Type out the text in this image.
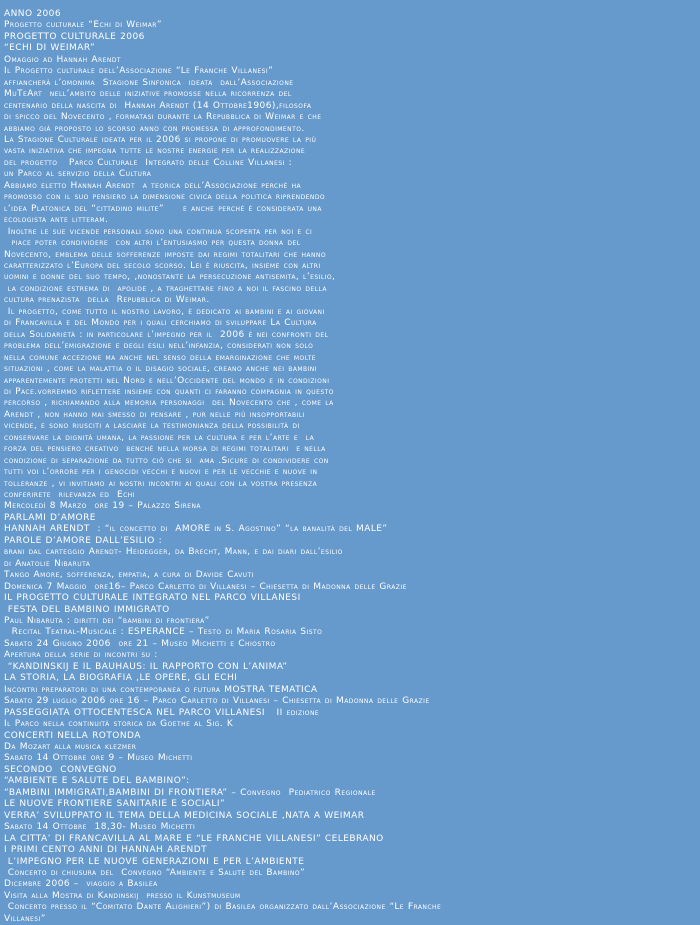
ANNO 2006
Progetto culturale “Echi di Weimar”
PROGETTO CULTURALE 2006
“ECHI DI WEIMAR”
Omaggio ad Hannah Arendt
Il Progetto culturale dell’Associazione “Le Franche Villanesi”
affiancherà l’omonima  Stagione Sinfonica  ideata  dall’Associazione
MuTeArt  nell’ambito delle iniziative promosse nella ricorrenza del
centenario della nascita di  Hannah Arendt (14 Ottobre1906),filosofa
di spicco del Novecento , formatasi durante la Repubblica di Weimar e che
abbiamo già proposto lo scorso anno con promessa di approfondimento.
La Stagione Culturale ideata per il 2006 si propone di promuovere la più
vasta iniziativa che impegna tutte le nostre energie per la realizzazione
del progetto   Parco Culturale  Integrato delle Colline Villanesi :
un Parco al servizio della Cultura
Abbiamo eletto Hannah Arendt  a teorica dell’Associazione perché ha
promosso con il suo pensiero la dimensione civica della politica riprendendo
l’idea Platonica del “cittadino milite”     e anche perché è considerata una
ecologista ante litteram.
Inoltre le sue vicende personali sono una continua scoperta per noi e ci
piace poter condividere  con altri l’entusiasmo per questa donna del
Novecento, emblema delle sofferenze imposte dai regimi totalitari che hanno
caratterizzato l’Europa del secolo scorso. Lei è riuscita, insieme con altri
uomini e donne del suo tempo, ,nonostante la persecuzione antisemita, l’esilio,
la condizione estrema di  apolide , a traghettare fino a noi il fascino della
cultura prenazista  della  Repubblica di Weimar.
Il progetto, come tutto il nostro lavoro, è dedicato ai bambini e ai giovani
di Francavilla e del Mondo per i quali cerchiamo di sviluppare La Cultura
della Solidarietà : in particolare l’impegno per il  2006 è nei confronti del
problema dell’emigrazione e degli esili nell’infanzia, considerati non solo
nella comune accezione ma anche nel senso della emarginazione che molte
situazioni , come la malattia o il disagio sociale, creano anche nei bambini
apparentemente protetti nel Nord e nell’Occidente del mondo e in condizioni
di Pace.vorremmo riflettere insieme con quanti ci faranno compagnia in questo
percorso , richiamando alla memoria personaggi  del Novecento che , come la
Arendt , non hanno mai smesso di pensare , pur nelle più insopportabili
vicende, e sono riusciti a lasciare la testimonianza della possibilità di
conservare la dignità umana, la passione per la cultura e per l’arte e  la
forza del pensiero creativo  benché nella morsa di regimi totalitari  e nella
condizione di separazione da tutto ciò che si  ama .Sicure di condividere con
tutti voi l’orrore per i genocidi vecchi e nuovi e per le vecchie e nuove in
tolleranze , vi invitiamo ai nostri incontri ai quali con la vostra presenza
conferirete  rilevanza ed  Echi
Mercoledì 8 Marzo  ore 19 – Palazzo Sirena
PARLAMI D’AMORE
HANNAH ARENDT  : “il concetto di  AMORE in S. Agostino” “la banalità del MALE”
PAROLE D’AMORE DALL’ESILIO :
brani dal carteggio Arendt- Heidegger, da Brecht, Mann, e dai diari dall’esilio
di Anatolie Nibaruta
Tango Amore, sofferenza, empatia, a cura di Davide Cavuti
Domenica 7 Maggio  ore16– Parco Carletto di Villanesi – Chiesetta di Madonna delle Grazie
IL PROGETTO CULTURALE INTEGRATO NEL PARCO VILLANESI
FESTA DEL BAMBINO IMMIGRATO
Paul Nibaruta : diritti dei “bambini di frontiera”
Recital Teatral-Musicale : ESPERANCE – Testo di Maria Rosaria Sisto
Sabato 24 Giugno 2006  ore 21 – Museo Michetti e Chiostro
Apertura della serie di incontri su :
“KANDINSKIJ E IL BAUHAUS: IL RAPPORTO CON L’ANIMA”
LA STORIA, LA BIOGRAFIA ,LE OPERE, GLI ECHI
Incontri preparatori di una contemporanea o futura MOSTRA TEMATICA
Sabato 29 luglio 2006 ore 16 – Parco Carletto di Villanesi – Chiesetta di Madonna delle Grazie
PASSEGGIATA OTTOCENTESCA NEL PARCO VILLANESI   II edizione
Il Parco nella continuità storica da Goethe al Sig. K
CONCERTI NELLA ROTONDA
Da Mozart alla musica klezmer
Sabato 14 Ottobre ore 9 – Museo Michetti
SECONDO  CONVEGNO
“AMBIENTE E SALUTE DEL BAMBINO”:
“BAMBINI IMMIGRATI,BAMBINI DI FRONTIERA” – Convegno  Pediatrico Regionale
LE NUOVE FRONTIERE SANITARIE E SOCIALI”
VERRA’ SVILUPPATO IL TEMA DELLA MEDICINA SOCIALE ,NATA A WEIMAR
Sabato 14 Ottobre  18,30- Museo Michetti
LA CITTA’ DI FRANCAVILLA AL MARE E “LE FRANCHE VILLANESI” CELEBRANO
I PRIMI CENTO ANNI DI HANNAH ARENDT
L’IMPEGNO PER LE NUOVE GENERAZIONI E PER L’AMBIENTE
Concerto di chiusura del  Convegno “Ambiente e Salute del Bambino”
Dicembre 2006 –  viaggio a Basilea
Visita alla Mostra di Kandinskij  presso il Kunstmuseum
Concerto presso il “Comitato Dante Alighieri”) di Basilea organizzato dall’Associazione “Le Franche
Villanesi”
